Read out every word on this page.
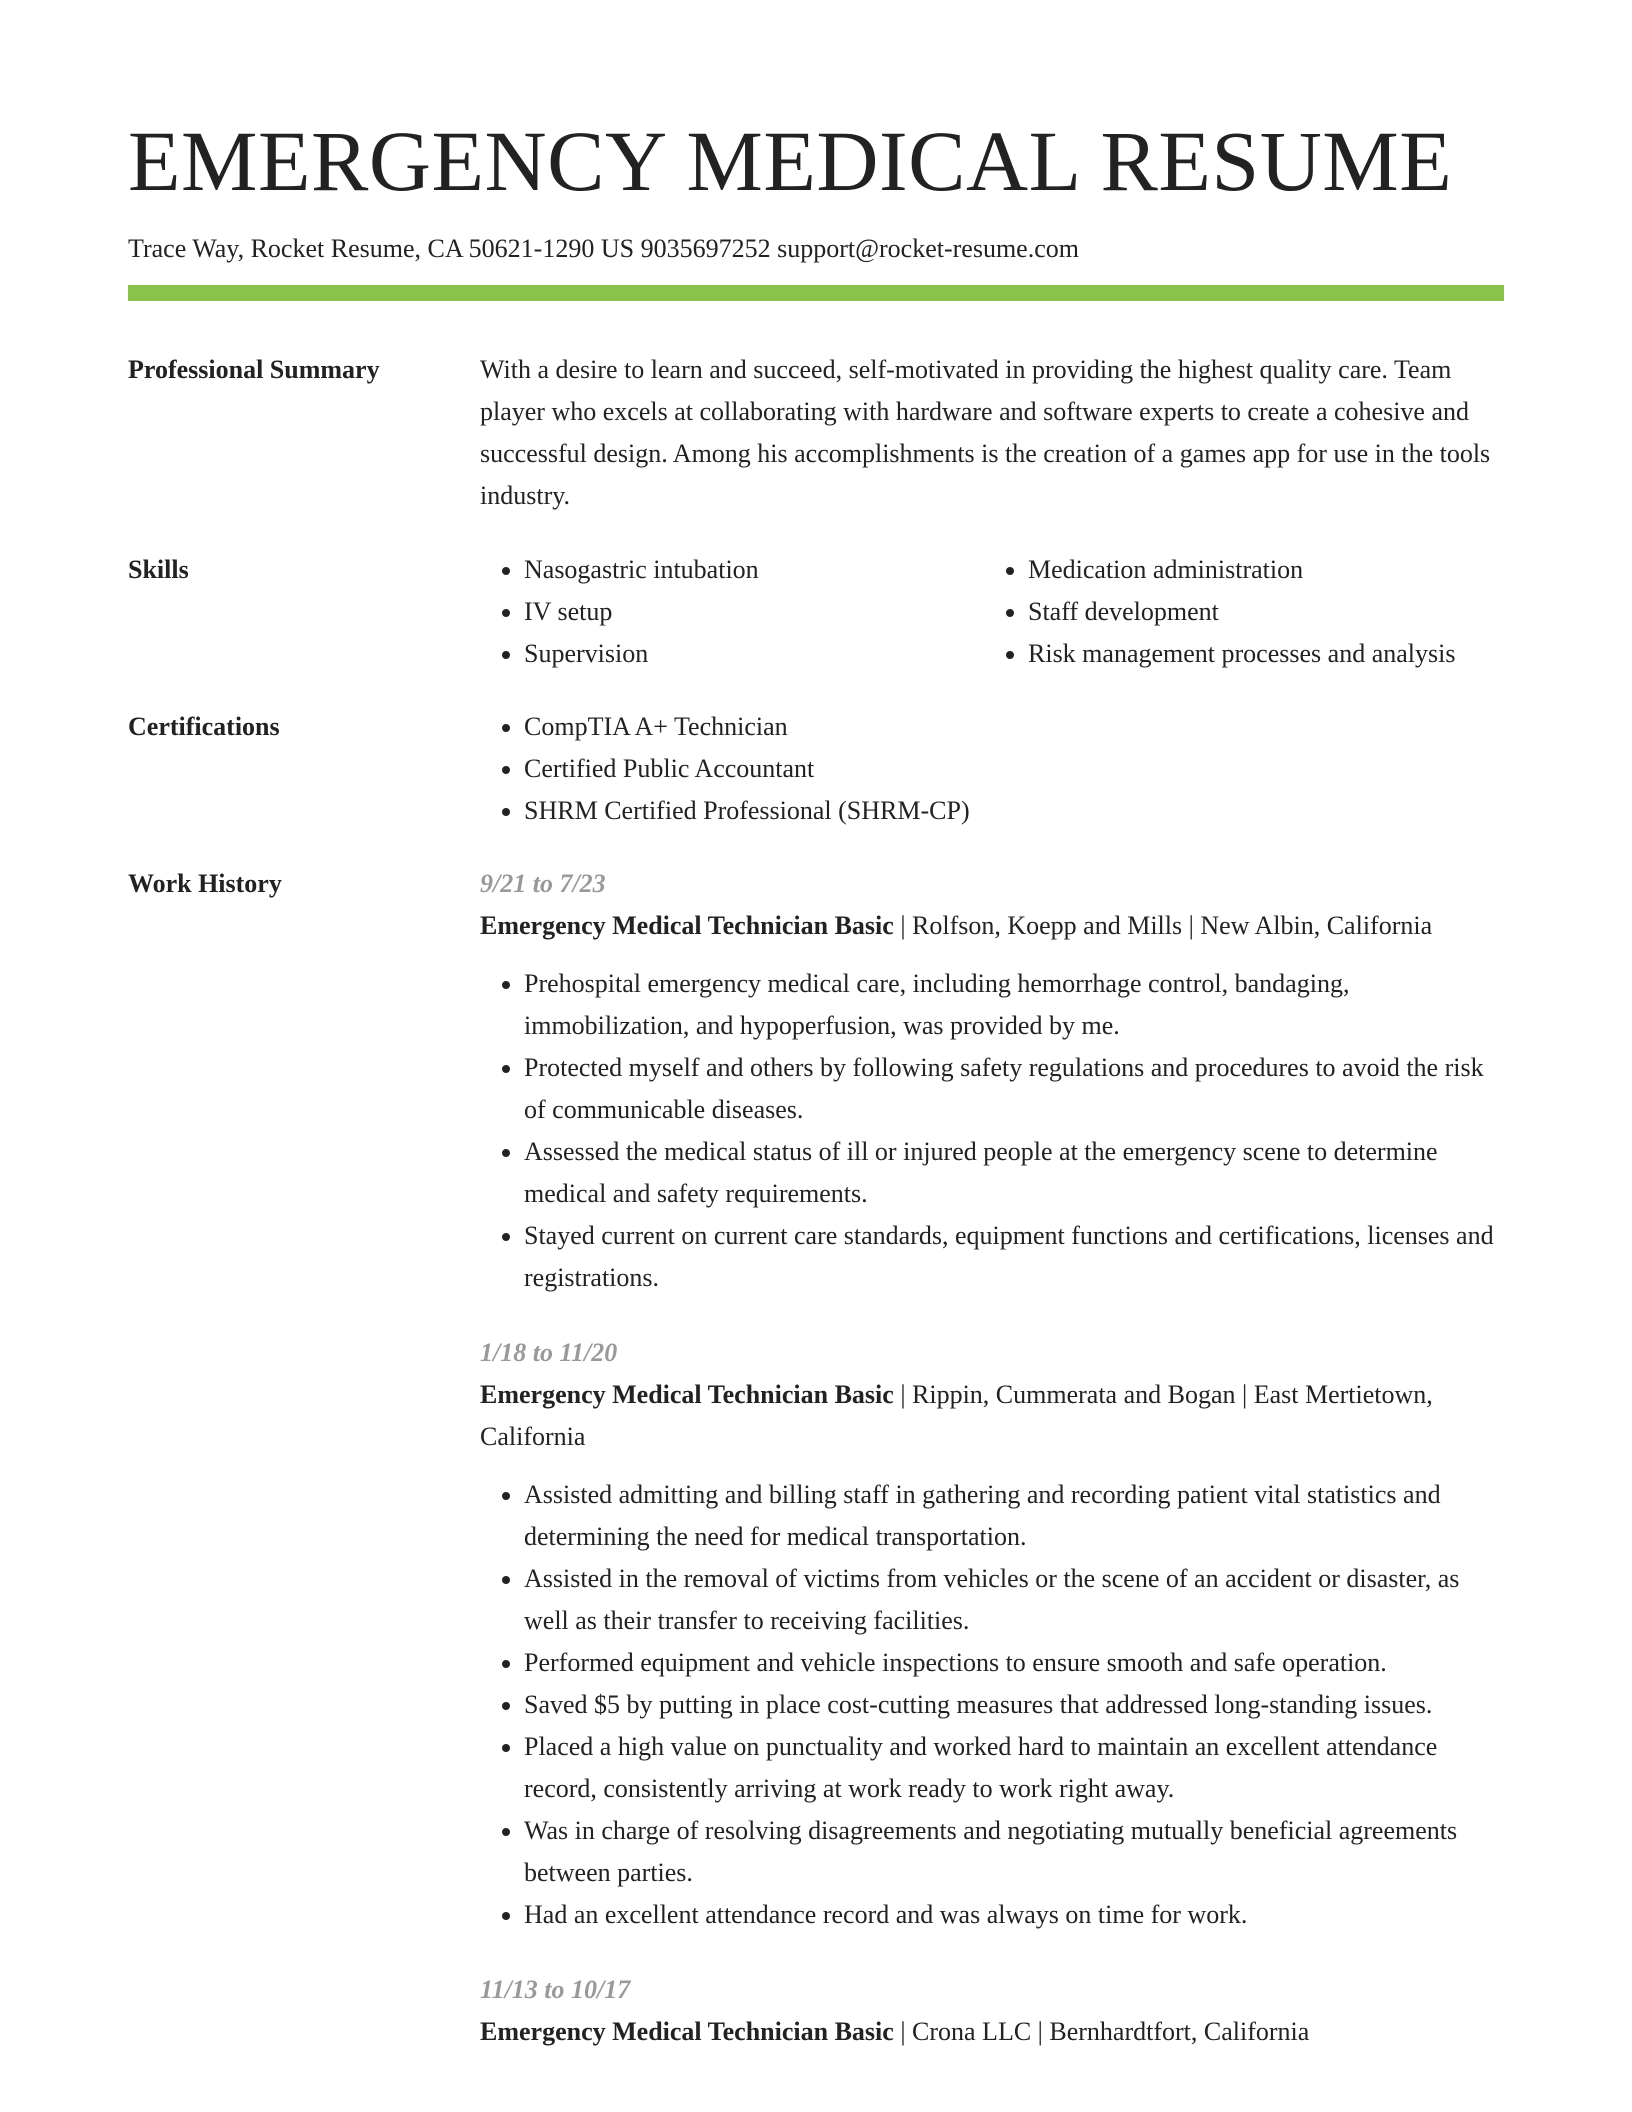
EMERGENCY MEDICAL RESUME
Trace Way, Rocket Resume, CA 50621-1290 US 9035697252 support@rocket-resume.com
Professional Summary	With a desire to learn and succeed, self-motivated in providing the highest quality care. Team player who excels at collaborating with hardware and software experts to create a cohesive and successful design. Among his accomplishments is the creation of a games app for use in the tools industry.

Skills	• Nasogastric intubation
• IV setup
• Supervision
• Medication administration
• Staff development
• Risk management processes and analysis
Certifications	• CompTIA A+ Technician
• Certified Public Accountant
• SHRM Certified Professional (SHRM-CP)
Work History	9/21 to 7/23
Emergency Medical Technician Basic | Rolfson, Koepp and Mills | New Albin, California
• Prehospital emergency medical care, including hemorrhage control, bandaging, immobilization, and hypoperfusion, was provided by me.
• Protected myself and others by following safety regulations and procedures to avoid the risk of communicable diseases.
• Assessed the medical status of ill or injured people at the emergency scene to determine medical and safety requirements.
• Stayed current on current care standards, equipment functions and certifications, licenses and registrations.
1/18 to 11/20
Emergency Medical Technician Basic | Rippin, Cummerata and Bogan | East Mertietown, California
• Assisted admitting and billing staff in gathering and recording patient vital statistics and determining the need for medical transportation.
• Assisted in the removal of victims from vehicles or the scene of an accident or disaster, as well as their transfer to receiving facilities.
• Performed equipment and vehicle inspections to ensure smooth and safe operation.
• Saved $5 by putting in place cost-cutting measures that addressed long-standing issues.
• Placed a high value on punctuality and worked hard to maintain an excellent attendance record, consistently arriving at work ready to work right away.
• Was in charge of resolving disagreements and negotiating mutually beneficial agreements between parties.
• Had an excellent attendance record and was always on time for work.
11/13 to 10/17
Emergency Medical Technician Basic | Crona LLC | Bernhardtfort, California
